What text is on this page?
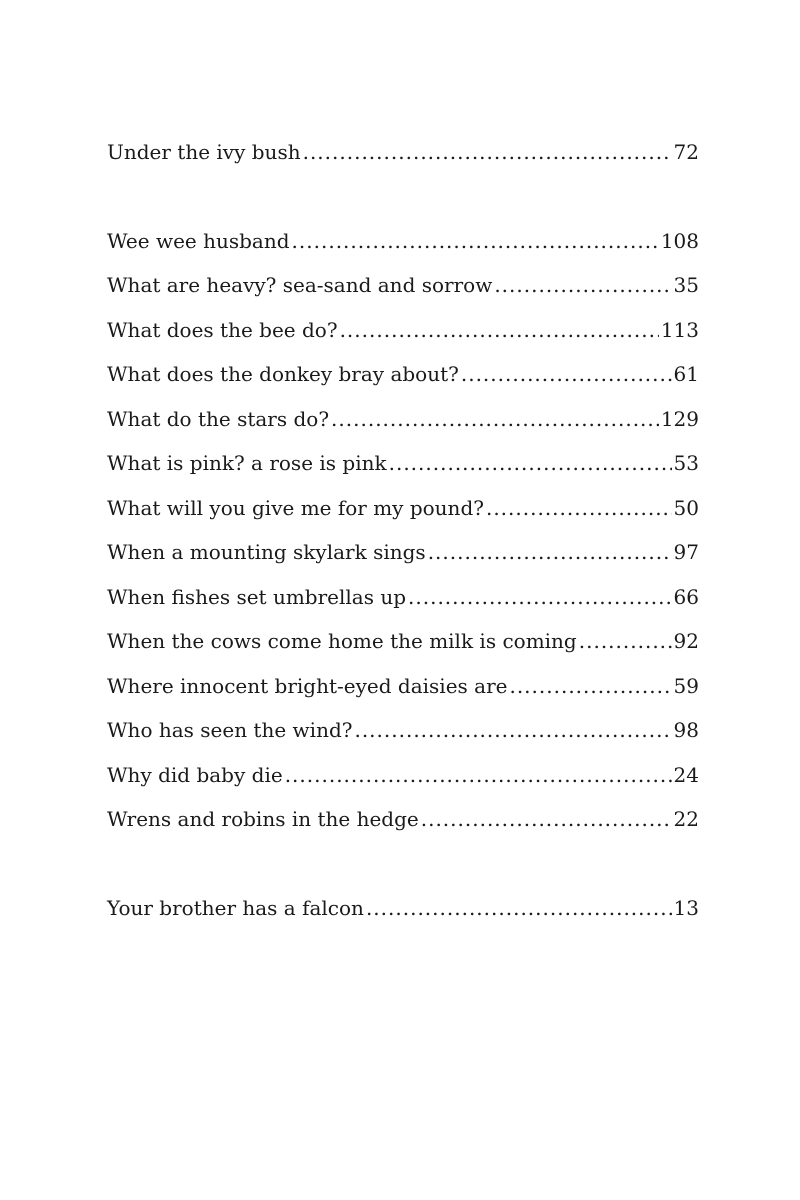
Under the ivy bush .....	72
Wee wee husband .....	108
What are heavy? sea-sand and sorrow .....	35
What does the bee do? .....	113
What does the donkey bray about? .....	61
What do the stars do? .....	129
What is pink? a rose is pink .....	53
What will you give me for my pound? .....	50
When a mounting skylark sings .....	97
When fishes set umbrellas up .....	66
When the cows come home the milk is coming .....	92
Where innocent bright-eyed daisies are .....	59
Who has seen the wind? .....	98
Why did baby die .....	24
Wrens and robins in the hedge .....	22
Your brother has a falcon .....	13
